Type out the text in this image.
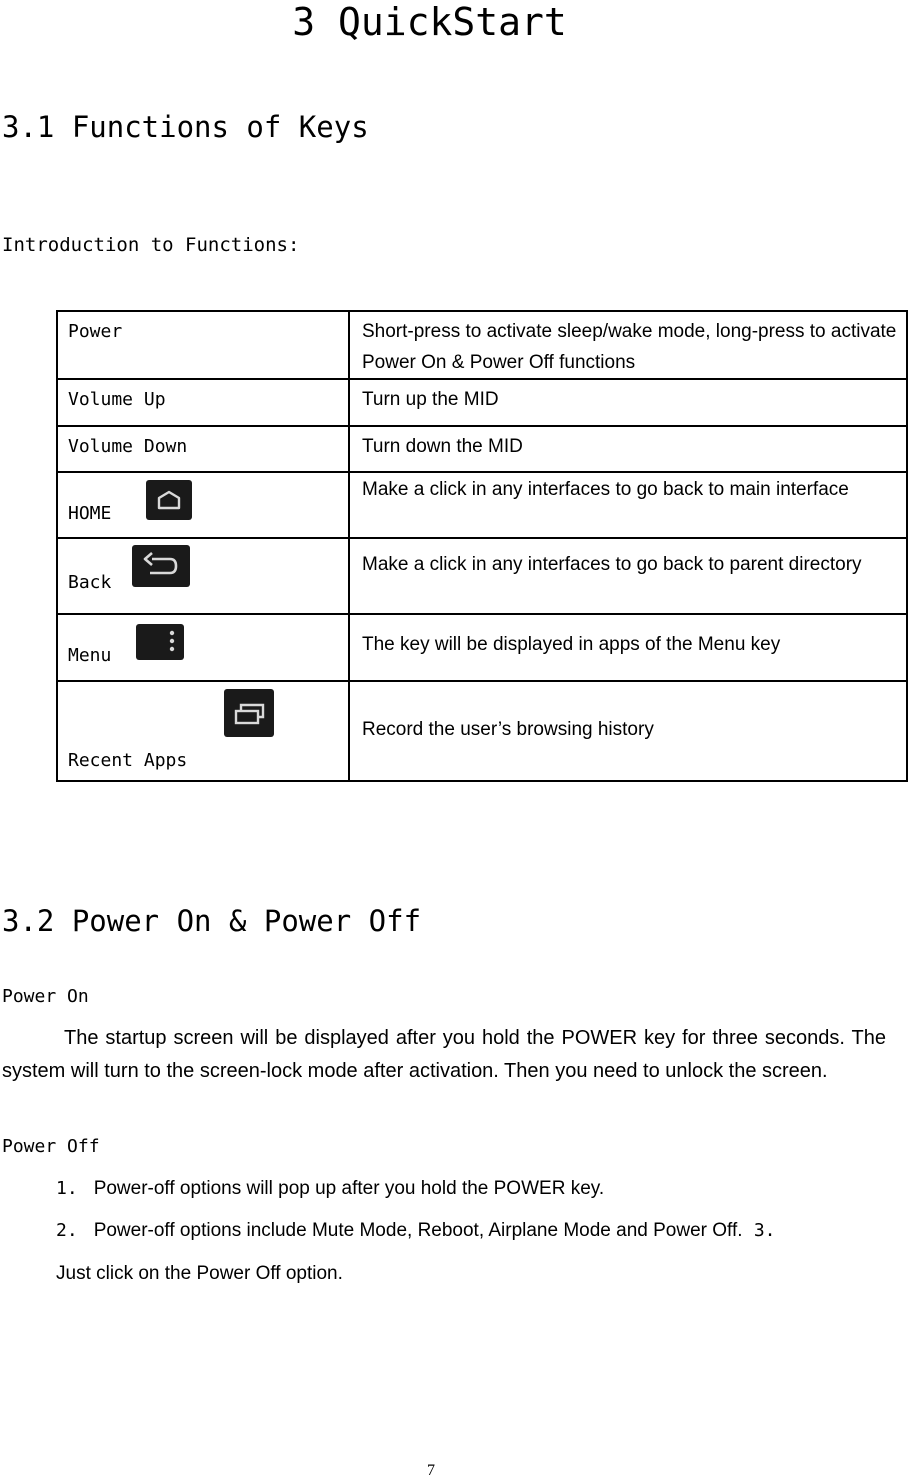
3 QuickStart
3.1 Functions of Keys
Introduction to Functions:
Power	Short-press to activate sleep/wake mode, long-press to activate Power On & Power Off functions

Volume Up	Turn up the MID

Volume Down	Turn down the MID

HOME	Make a click in any interfaces to go back to main interface

Back	Make a click in any interfaces to go back to parent directory

Menu	The key will be displayed in apps of the Menu key

Recent Apps	Record the user’s browsing history
3.2 Power On & Power Off
Power On
The startup screen will be displayed after you hold the POWER key for three seconds. The system will turn to the screen-lock mode after activation. Then you need to unlock the screen.
Power Off
1. Power-off options will pop up after you hold the POWER key.
2. Power-off options include Mute Mode, Reboot, Airplane Mode and Power Off. 3.
Just click on the Power Off option.
7
